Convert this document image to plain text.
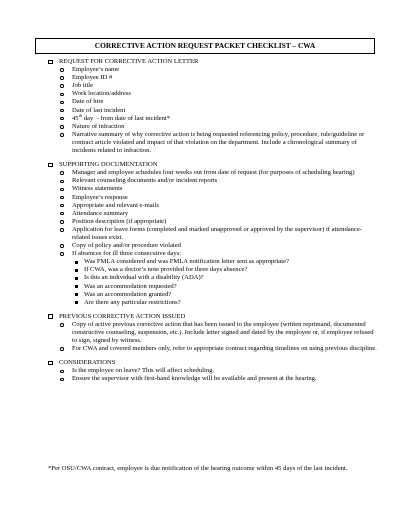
CORRECTIVE ACTION REQUEST PACKET CHECKLIST – CWA
REQUEST FOR CORRECTIVE ACTION LETTER
Employee’s name
Employee ID #
Job title
Work location/address
Date of hire
Date of last incident
45th day  - from date of last incident*
Nature of infraction
Narrative summary of why corrective action is being requested referencing policy, procedure, rule/guideline or contract article violated and impact of that violation on the department. Include a chronological summary of incidents related to infraction.
SUPPORTING DOCUMENTATION
Manager and employee schedules four weeks out from date of request (for purposes of scheduling hearing)
Relevant counseling documents and/or incident reports
Witness statements
Employee’s response
Appropriate and relevant e-mails
Attendance summary
Position description (if appropriate)
Application for leave forms (completed and marked unapproved or approved by the supervisor) if attendance-related issues exist.
Copy of policy and/or procedure violated
If absences for ill three consecutive days:
Was FMLA considered and was FMLA notification letter sent as appropriate?
If CWA, was a doctor’s note provided for three days absence?
Is this an individual with a disability (ADA)?
Was an accommodation requested?
Was an accommodation granted?
Are there any particular restrictions?
PREVIOUS CORRECTIVE ACTION ISSUED
Copy of active previous corrective action that has been issued to the employee (written reprimand, documented constructive counseling, suspension, etc.). Include letter signed and dated by the employee or, if employee refused to sign, signed by witness.
For CWA and covered members only, refer to appropriate contract regarding timelines on using previous discipline.
CONSIDERATIONS
Is the employee on leave? This will affect scheduling.
Ensure the supervisor with first-hand knowledge will be available and present at the hearing.
*Per OSU/CWA contract, employee is due notification of the hearing outcome within 45 days of the last incident.
